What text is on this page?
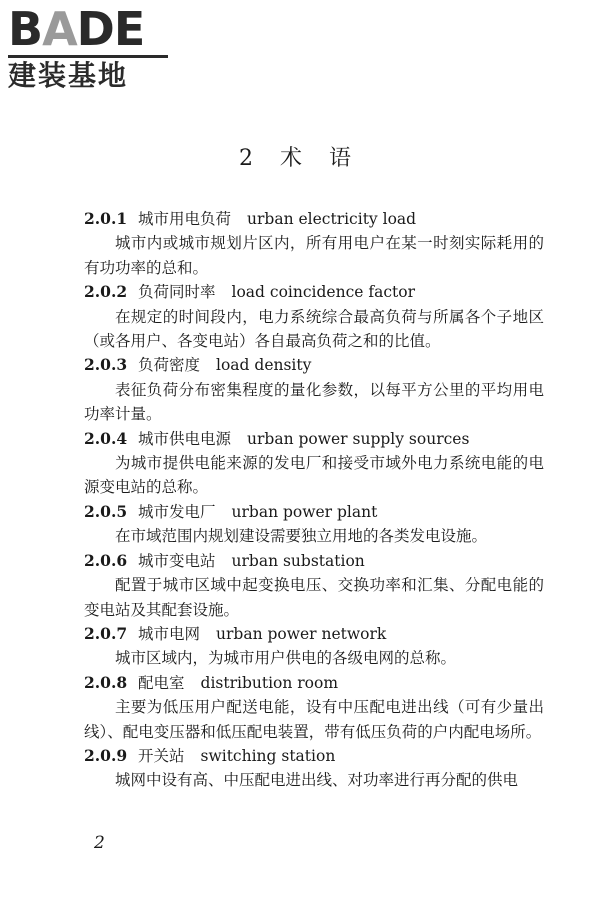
BADE
建装基地
2 术 语
2.0.1 城市用电负荷 urban electricity load
城市内或城市规划片区内，所有用电户在某一时刻实际耗用的有功功率的总和。
2.0.2 负荷同时率 load coincidence factor
在规定的时间段内，电力系统综合最高负荷与所属各个子地区（或各用户、各变电站）各自最高负荷之和的比值。
2.0.3 负荷密度 load density
表征负荷分布密集程度的量化参数，以每平方公里的平均用电功率计量。
2.0.4 城市供电电源 urban power supply sources
为城市提供电能来源的发电厂和接受市域外电力系统电能的电源变电站的总称。
2.0.5 城市发电厂 urban power plant
在市域范围内规划建设需要独立用地的各类发电设施。
2.0.6 城市变电站 urban substation
配置于城市区域中起变换电压、交换功率和汇集、分配电能的变电站及其配套设施。
2.0.7 城市电网 urban power network
城市区域内，为城市用户供电的各级电网的总称。
2.0.8 配电室 distribution room
主要为低压用户配送电能，设有中压配电进出线（可有少量出线）、配电变压器和低压配电装置，带有低压负荷的户内配电场所。
2.0.9 开关站 switching station
城网中设有高、中压配电进出线、对功率进行再分配的供电
2
